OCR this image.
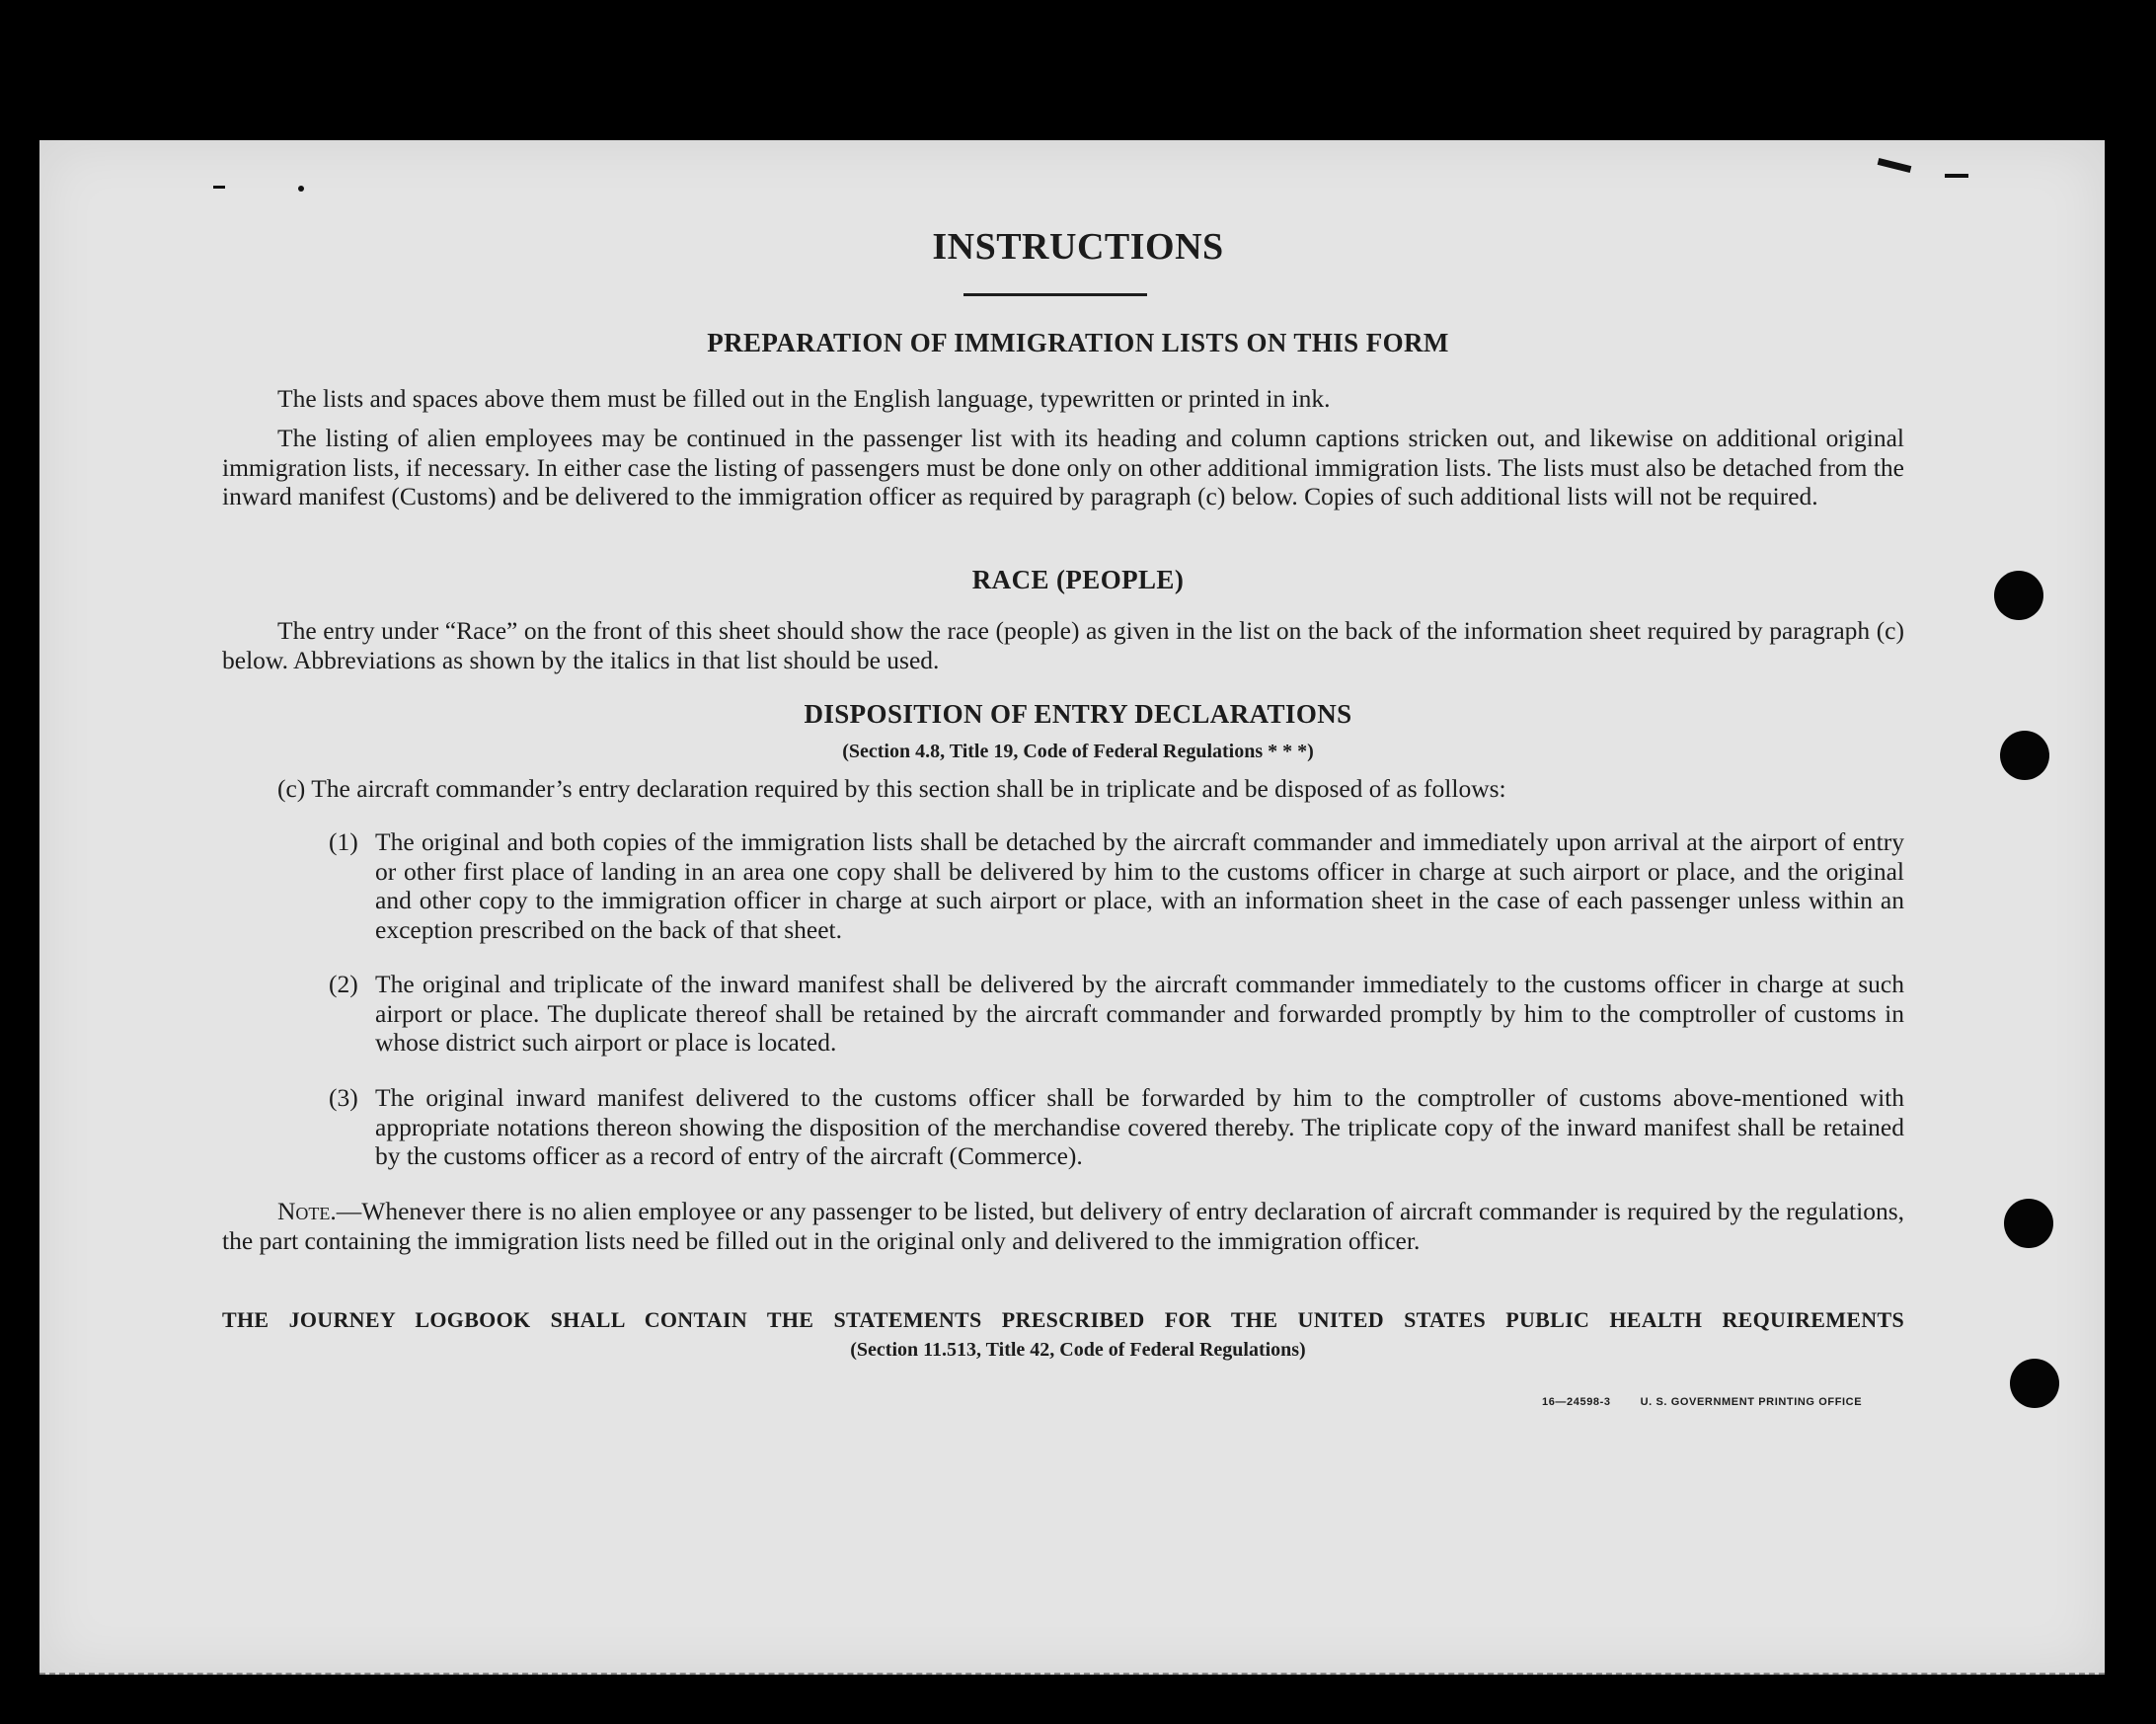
INSTRUCTIONS
PREPARATION OF IMMIGRATION LISTS ON THIS FORM
The lists and spaces above them must be filled out in the English language, typewritten or printed in ink.
The listing of alien employees may be continued in the passenger list with its heading and column captions stricken out, and likewise on additional original immigration lists, if necessary. In either case the listing of passengers must be done only on other additional immigration lists. The lists must also be detached from the inward manifest (Customs) and be delivered to the immigration officer as required by paragraph (c) below. Copies of such additional lists will not be required.
RACE (PEOPLE)
The entry under “Race” on the front of this sheet should show the race (people) as given in the list on the back of the information sheet required by paragraph (c) below. Abbreviations as shown by the italics in that list should be used.
DISPOSITION OF ENTRY DECLARATIONS
(Section 4.8, Title 19, Code of Federal Regulations * * *)
(c) The aircraft commander’s entry declaration required by this section shall be in triplicate and be disposed of as follows:
(1) The original and both copies of the immigration lists shall be detached by the aircraft commander and immediately upon arrival at the airport of entry or other first place of landing in an area one copy shall be delivered by him to the customs officer in charge at such airport or place, and the original and other copy to the immigration officer in charge at such airport or place, with an information sheet in the case of each passenger unless within an exception prescribed on the back of that sheet.
(2) The original and triplicate of the inward manifest shall be delivered by the aircraft commander immediately to the customs officer in charge at such airport or place. The duplicate thereof shall be retained by the aircraft commander and forwarded promptly by him to the comptroller of customs in whose district such airport or place is located.
(3) The original inward manifest delivered to the customs officer shall be forwarded by him to the comptroller of customs above-mentioned with appropriate notations thereon showing the disposition of the merchandise covered thereby. The triplicate copy of the inward manifest shall be retained by the customs officer as a record of entry of the aircraft (Commerce).
Note.—Whenever there is no alien employee or any passenger to be listed, but delivery of entry declaration of aircraft commander is required by the regulations, the part containing the immigration lists need be filled out in the original only and delivered to the immigration officer.
THE JOURNEY LOGBOOK SHALL CONTAIN THE STATEMENTS PRESCRIBED FOR THE UNITED STATES PUBLIC HEALTH REQUIREMENTS
(Section 11.513, Title 42, Code of Federal Regulations)
16—24598-3	U. S. GOVERNMENT PRINTING OFFICE
